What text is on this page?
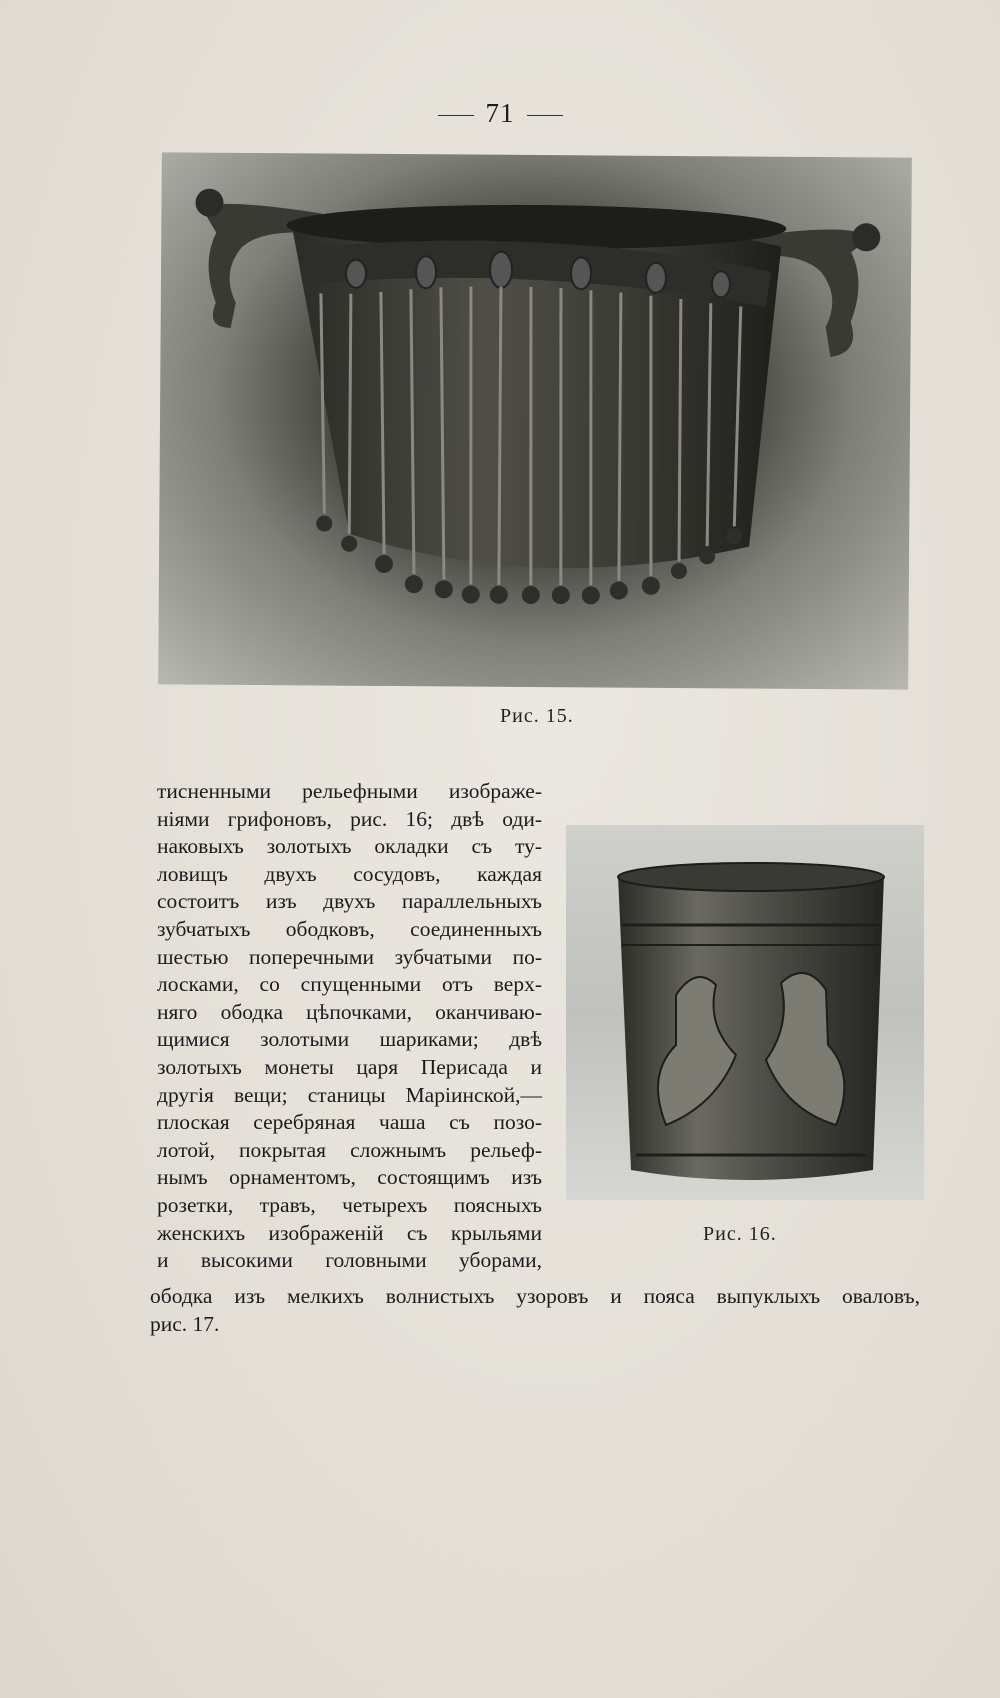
71
Рис. 15.
Рис. 16.
тисненными рельефными изображе-
ніями грифоновъ, рис. 16; двѣ оди-
наковыхъ золотыхъ окладки съ ту-
ловищъ двухъ сосудовъ, каждая
состоитъ изъ двухъ параллельныхъ
зубчатыхъ ободковъ, соединенныхъ
шестью поперечными зубчатыми по-
лосками, со спущенными отъ верх-
няго ободка цѣпочками, оканчиваю-
щимися золотыми шариками; двѣ
золотыхъ монеты царя Перисада и
другія вещи; станицы Маріинской,—
плоская серебряная чаша съ позо-
лотой, покрытая сложнымъ рельеф-
нымъ орнаментомъ, состоящимъ изъ
розетки, травъ, четырехъ поясныхъ
женскихъ изображеній съ крыльями
и высокими головными уборами,
ободка изъ мелкихъ волнистыхъ узоровъ и пояса выпуклыхъ оваловъ,
рис. 17.
